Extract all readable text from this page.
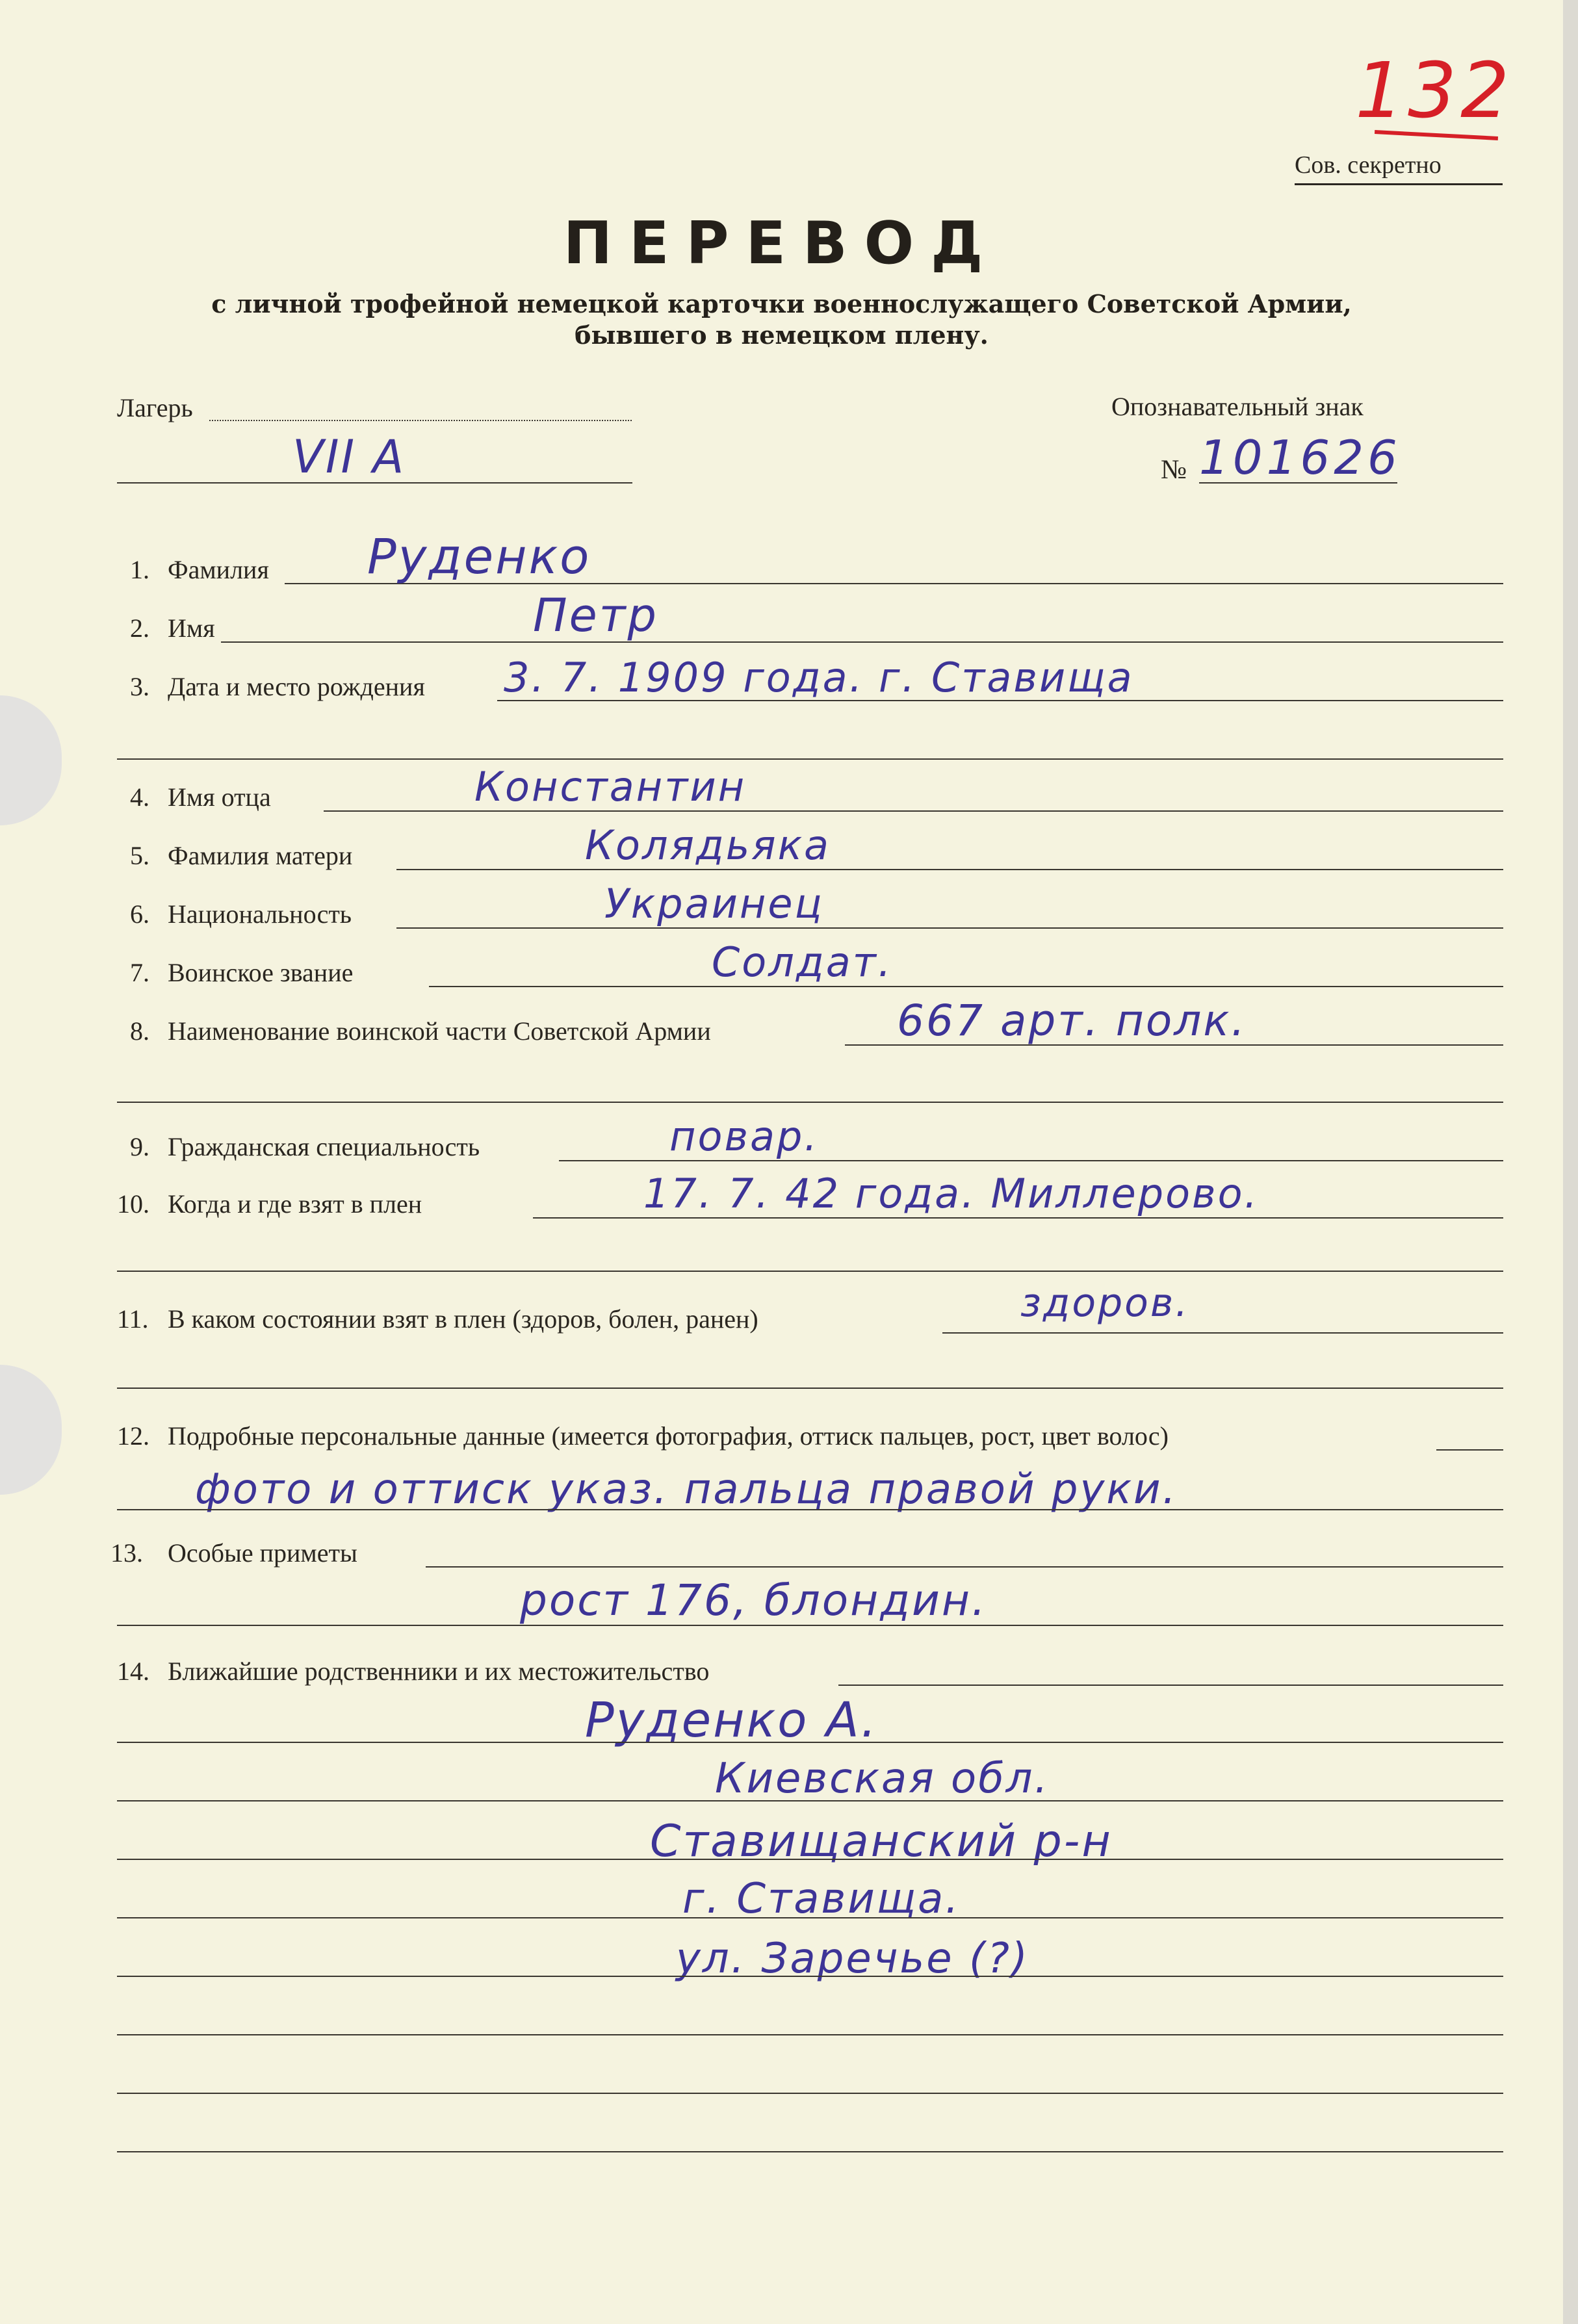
132
Сов. секретно
ПЕРЕВОД
с личной трофейной немецкой карточки военнослужащего Советской Армии,
бывшего в немецком плену.
Лагерь
VII A
Опознавательный знак
№ 101626
1. Фамилия Руденко
2. Имя	Петр
3. Дата и место рождения 3. 7. 1909 года. г. Ставища
4. Имя отца	Константин
5. Фамилия матери	Колядьяка
6. Национальность	Украинец
7. Воинское звание	Солдат.
8. Наименование воинской части Советской Армии	667 арт. полк.
9. Гражданская специальность	повар.
10. Когда и где взят в плен	17. 7. 42 года. Миллерово.
11. В каком состоянии взят в плен (здоров, болен, ранен)	здоров.
12. Подробные персональные данные (имеется фотография, оттиск пальцев, рост, цвет волос)
фото и оттиск указ. пальца правой руки.
13. Особые приметы
рост 176, блондин.
14. Ближайшие родственники и их местожительство
Руденко А.
Киевская обл.
Ставищанский р-н
г. Ставища.
ул. Заречье (?)
